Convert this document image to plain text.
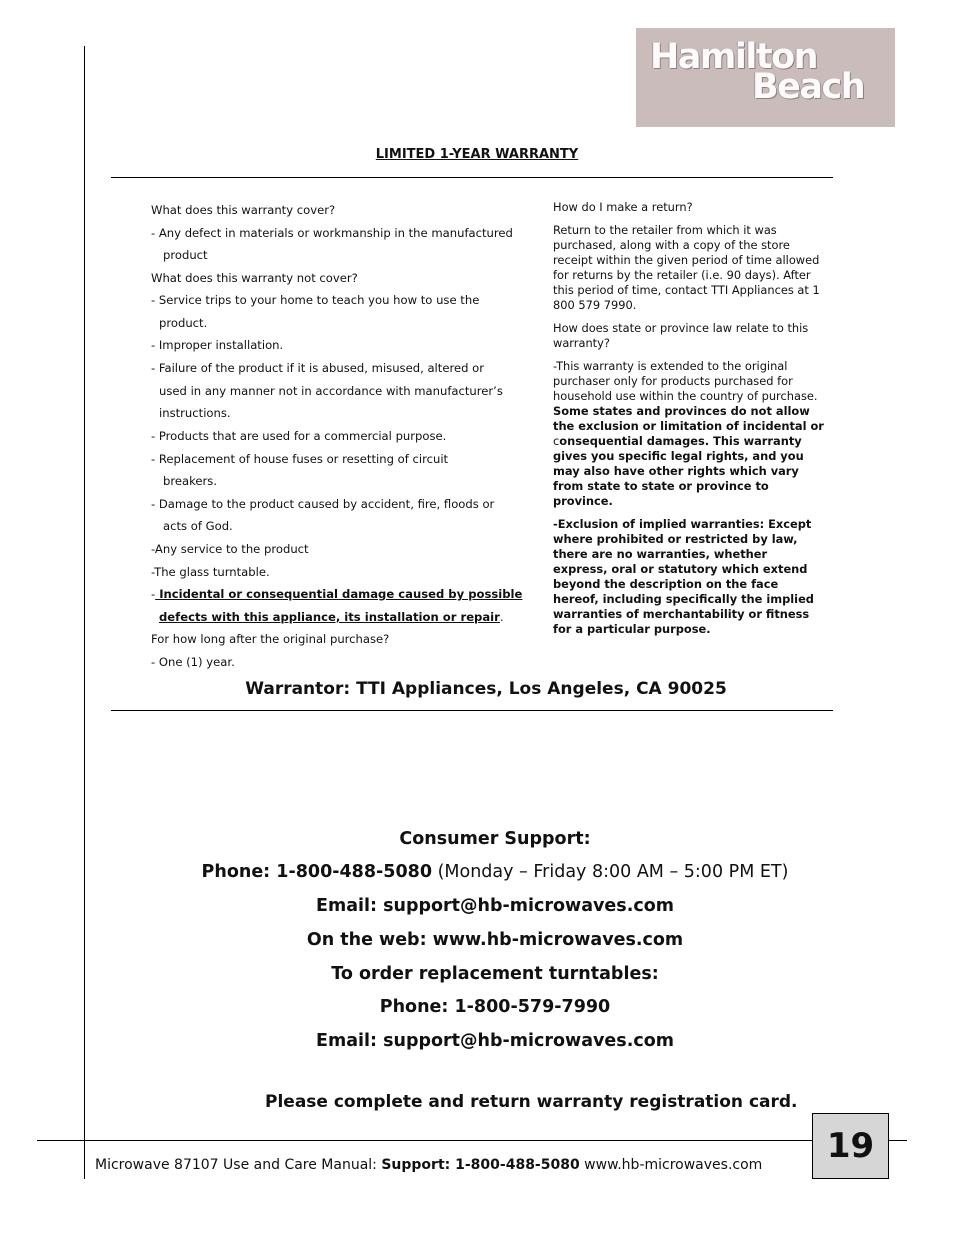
Hamilton
Beach
LIMITED 1-YEAR WARRANTY
What does this warranty cover?
- Any defect in materials or workmanship in the manufactured
product
What does this warranty not cover?
- Service trips to your home to teach you how to use the
product.
- Improper installation.
- Failure of the product if it is abused, misused, altered or
used in any manner not in accordance with manufacturer’s
instructions.
- Products that are used for a commercial purpose.
- Replacement of house fuses or resetting of circuit
breakers.
- Damage to the product caused by accident, fire, floods or
acts of God.
-Any service to the product
-The glass turntable.
- Incidental or consequential damage caused by possible
defects with this appliance, its installation or repair.
For how long after the original purchase?
- One (1) year.

How do I make a return?

Return to the retailer from which it was purchased, along with a copy of the store receipt within the given period of time allowed for returns by the retailer (i.e. 90 days). After this period of time, contact TTI Appliances at 1 800 579 7990.

How does state or province law relate to this warranty?

-This warranty is extended to the original purchaser only for products purchased for household use within the country of purchase. Some states and provinces do not allow the exclusion or limitation of incidental or consequential damages. This warranty gives you specific legal rights, and you may also have other rights which vary from state to state or province to province.

-Exclusion of implied warranties: Except where prohibited or restricted by law, there are no warranties, whether express, oral or statutory which extend beyond the description on the face hereof, including specifically the implied warranties of merchantability or fitness for a particular purpose.

Warrantor: TTI Appliances, Los Angeles, CA 90025
Consumer Support:
Phone: 1-800-488-5080 (Monday – Friday 8:00 AM – 5:00 PM ET)
Email: support@hb-microwaves.com
On the web: www.hb-microwaves.com
To order replacement turntables:
Phone: 1-800-579-7990
Email: support@hb-microwaves.com
Please complete and return warranty registration card.
19
Microwave 87107 Use and Care Manual: Support: 1-800-488-5080 www.hb-microwaves.com
